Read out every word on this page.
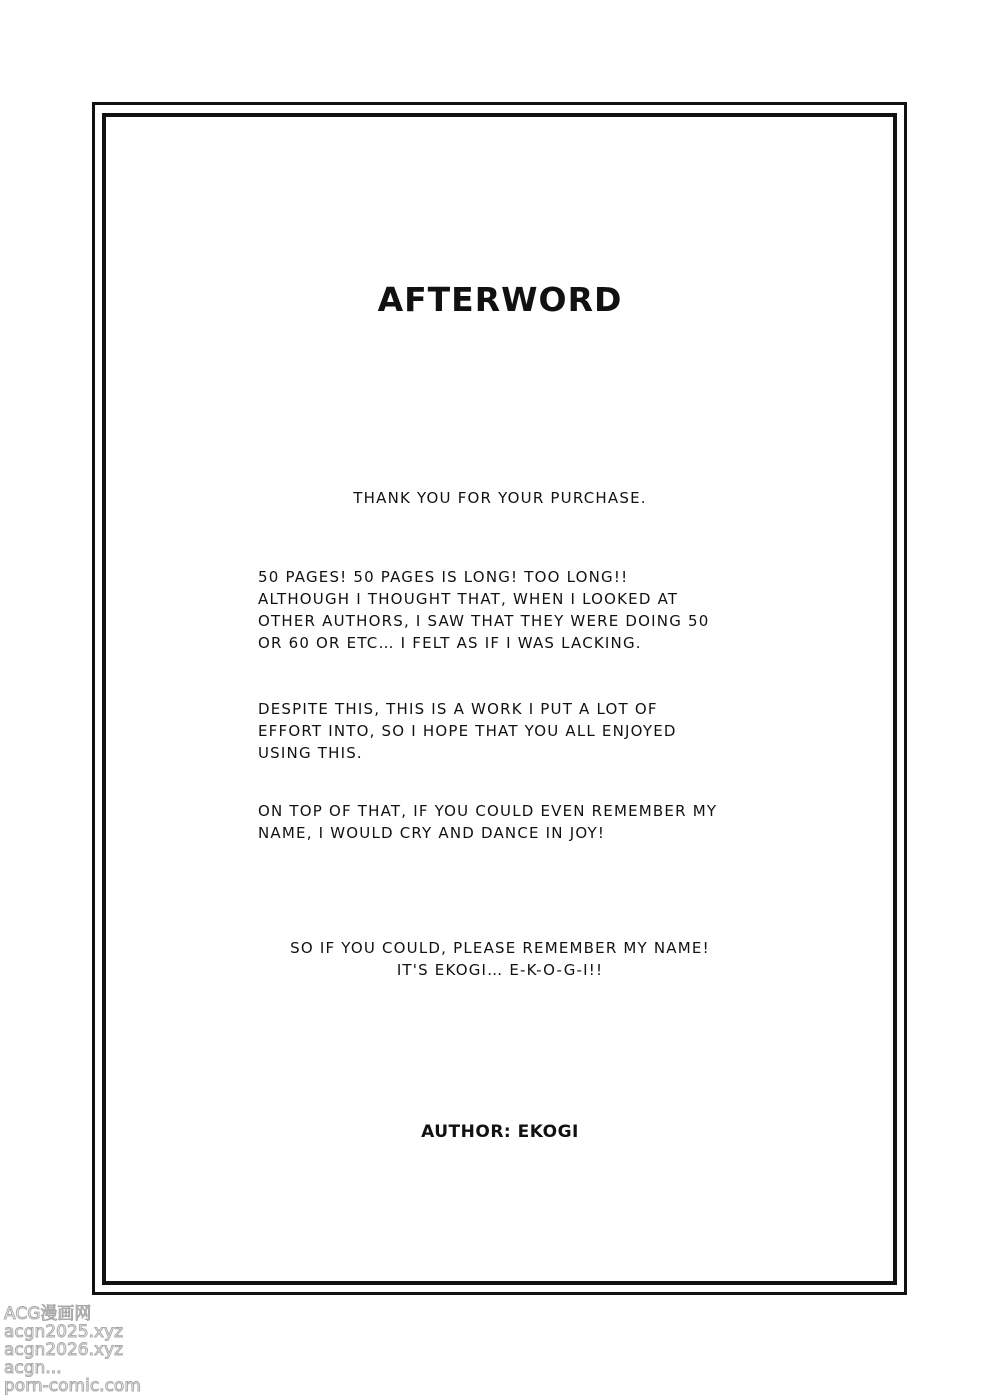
AFTERWORD
THANK YOU FOR YOUR PURCHASE.
50 PAGES! 50 PAGES IS LONG! TOO LONG!!
ALTHOUGH I THOUGHT THAT, WHEN I LOOKED AT
OTHER AUTHORS, I SAW THAT THEY WERE DOING 50
OR 60 OR ETC… I FELT AS IF I WAS LACKING.
DESPITE THIS, THIS IS A WORK I PUT A LOT OF
EFFORT INTO, SO I HOPE THAT YOU ALL ENJOYED
USING THIS.
ON TOP OF THAT, IF YOU COULD EVEN REMEMBER MY
NAME, I WOULD CRY AND DANCE IN JOY!
SO IF YOU COULD, PLEASE REMEMBER MY NAME!
IT'S EKOGI… E-K-O-G-I!!
AUTHOR: EKOGI
ACG漫画网
acgn2025.xyz
acgn2026.xyz
acgn...
porn-comic.com
